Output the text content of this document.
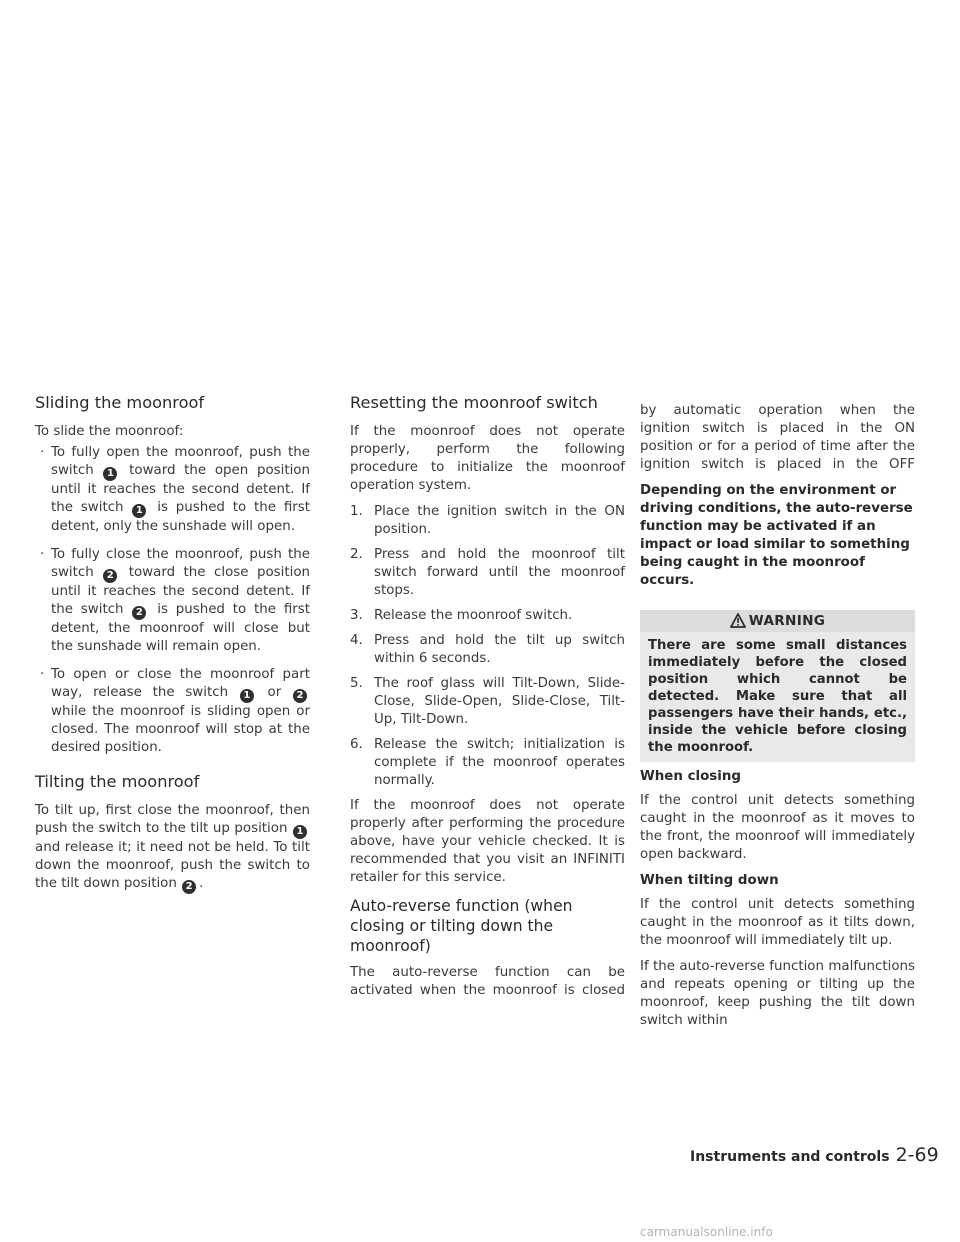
Sliding the moonroof

To slide the moonroof:

· To fully open the moonroof, push the switch 1 toward the open position until it reaches the second detent. If the switch 1 is pushed to the first detent, only the sunshade will open.
· To fully close the moonroof, push the switch 2 toward the close position until it reaches the second detent. If the switch 2 is pushed to the first detent, the moonroof will close but the sunshade will remain open.
· To open or close the moonroof part way, release the switch 1 or 2 while the moonroof is sliding open or closed. The moonroof will stop at the desired position.
Tilting the moonroof

To tilt up, first close the moonroof, then push the switch to the tilt up position 1 and release it; it need not be held. To tilt down the moonroof, push the switch to the tilt down position 2 .

Resetting the moonroof switch

If the moonroof does not operate properly, perform the following procedure to initialize the moonroof operation system.

1. Place the ignition switch in the ON position.
2. Press and hold the moonroof tilt switch forward until the moonroof stops.
3. Release the moonroof switch.
4. Press and hold the tilt up switch within 6 seconds.
5. The roof glass will Tilt-Down, Slide-Close, Slide-Open, Slide-Close, Tilt-Up, Tilt-Down.
6. Release the switch; initialization is complete if the moonroof operates normally.

If the moonroof does not operate properly after performing the procedure above, have your vehicle checked. It is recommended that you visit an INFINITI retailer for this service.

Auto-reverse function (when closing or tilting down the moonroof)

The auto-reverse function can be activated when the moonroof is closed

by automatic operation when the ignition switch is placed in the ON position or for a period of time after the ignition switch is placed in the OFF

Depending on the environment or driving conditions, the auto-reverse function may be activated if an impact or load similar to something being caught in the moonroof occurs.

WARNING
There are some small distances immediately before the closed position which cannot be detected. Make sure that all passengers have their hands, etc., inside the vehicle before closing the moonroof.

When closing

If the control unit detects something caught in the moonroof as it moves to the front, the moonroof will immediately open backward.

When tilting down

If the control unit detects something caught in the moonroof as it tilts down, the moonroof will immediately tilt up.

If the auto-reverse function malfunctions and repeats opening or tilting up the moonroof, keep pushing the tilt down switch within

Instruments and controls 2-69
carmanualsonline.info
